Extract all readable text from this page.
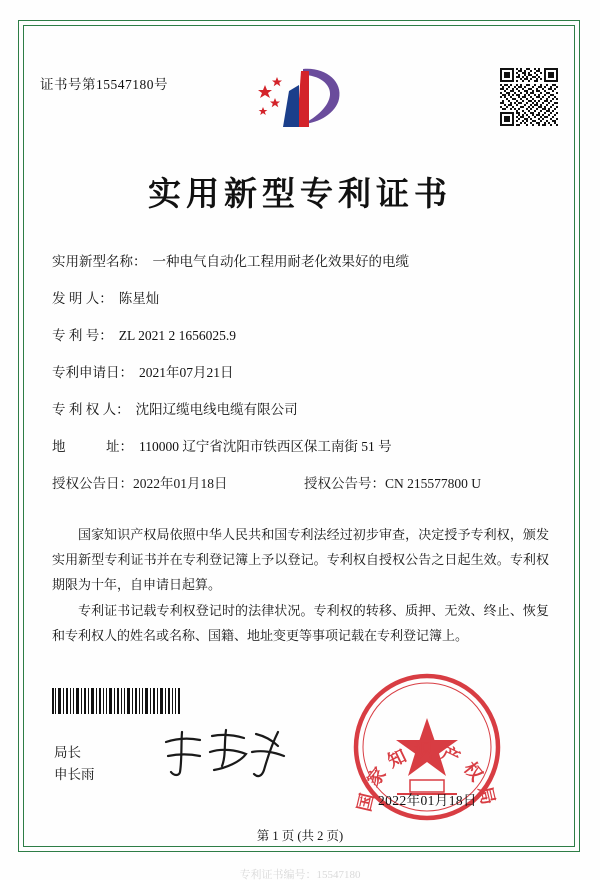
证书号第15547180号
实用新型专利证书
实用新型名称： 一种电气自动化工程用耐老化效果好的电缆
发 明 人： 陈星灿
专 利 号： ZL 2021 2 1656025.9
专利申请日： 2021年07月21日
专 利 权 人： 沈阳辽缆电线电缆有限公司
地　　　址： 110000 辽宁省沈阳市铁西区保工南街 51 号
授权公告日：2022年01月18日	授权公告号：CN 215577800 U
国家知识产权局依照中华人民共和国专利法经过初步审查，决定授予专利权，颁发实用新型专利证书并在专利登记簿上予以登记。专利权自授权公告之日起生效。专利权期限为十年，自申请日起算。
专利证书记载专利权登记时的法律状况。专利权的转移、质押、无效、终止、恢复和专利权人的姓名或名称、国籍、地址变更等事项记载在专利登记簿上。
国家知识产权局
局长
申长雨
2022年01月18日
第 1 页 (共 2 页)
专利证书编号：15547180
